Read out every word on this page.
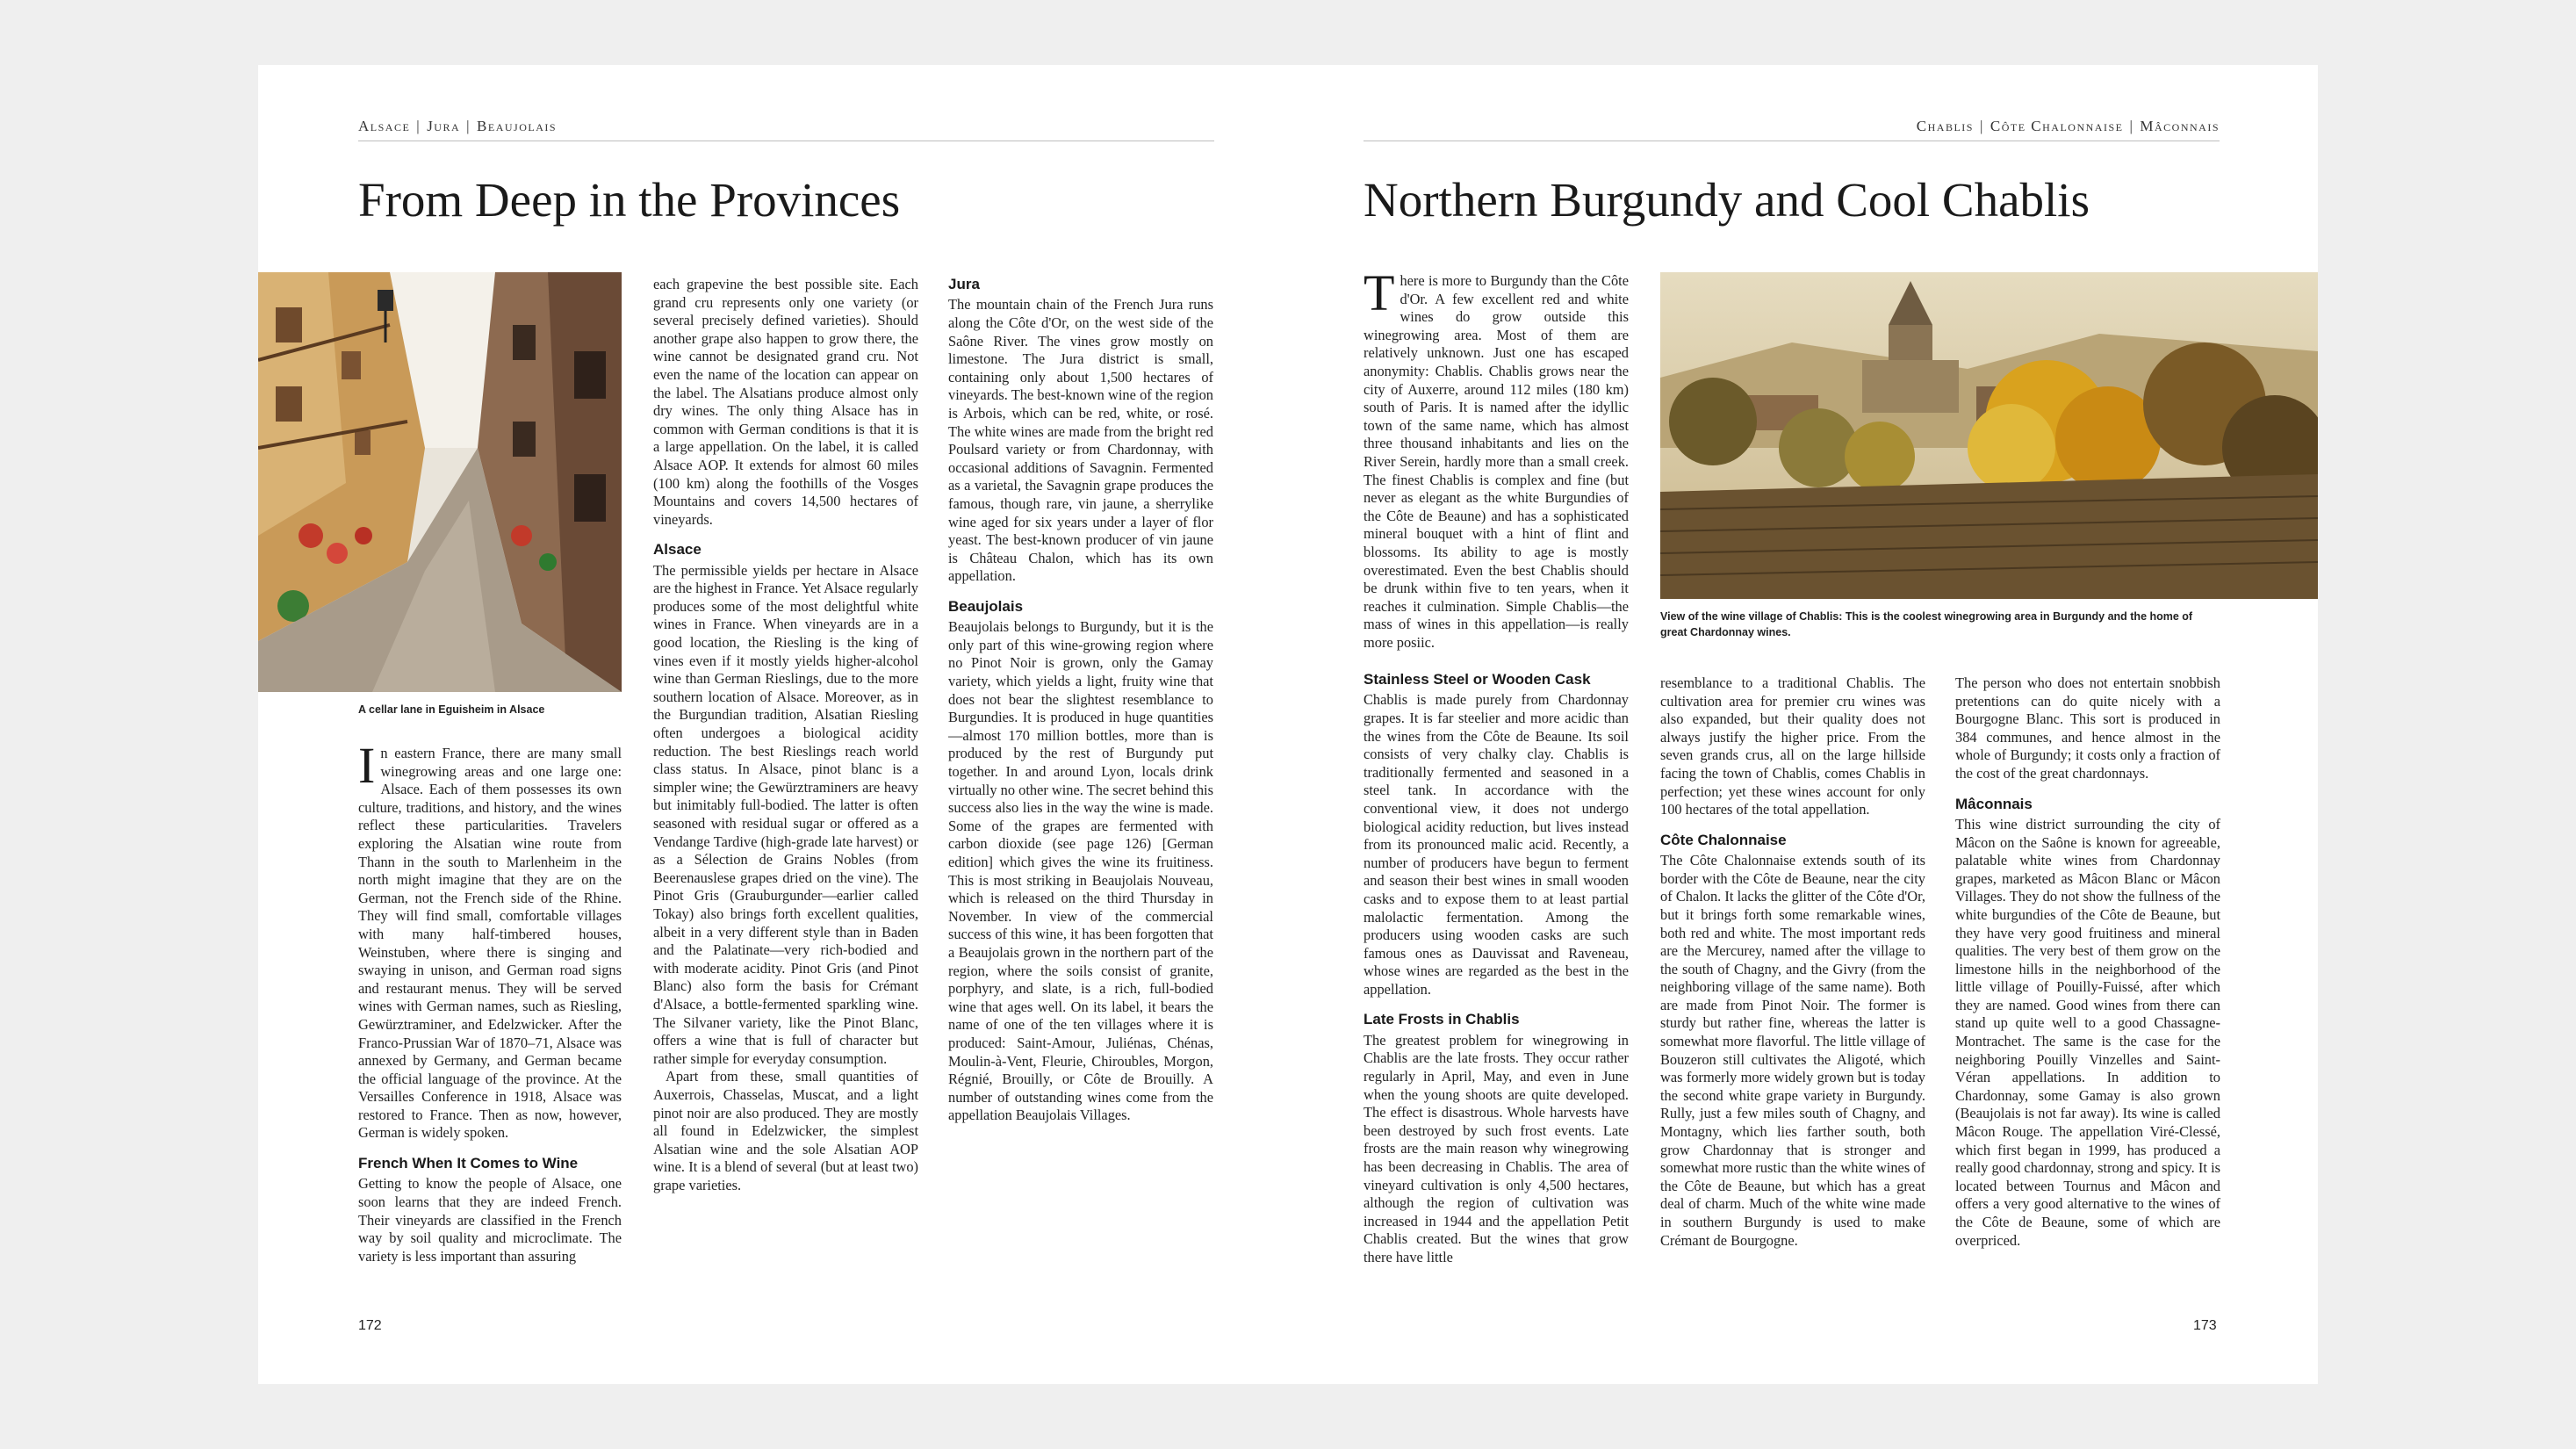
Alsace | Jura | Beaujolais
From Deep in the Provinces
A cellar lane in Eguisheim in Alsace

In eastern France, there are many small winegrowing areas and one large one: Alsace. Each of them possesses its own culture, traditions, and history, and the wines reflect these particularities. Travelers exploring the Alsatian wine route from Thann in the south to Marlenheim in the north might imagine that they are on the German, not the French side of the Rhine. They will find small, comfortable villages with many half-timbered houses, Weinstuben, where there is singing and swaying in unison, and German road signs and restaurant menus. They will be served wines with German names, such as Riesling, Gewürztraminer, and Edelzwicker. After the Franco-Prussian War of 1870–71, Alsace was annexed by Germany, and German became the official language of the province. At the Versailles Conference in 1918, Alsace was restored to France. Then as now, however, German is widely spoken.

French When It Comes to Wine

Getting to know the people of Alsace, one soon learns that they are indeed French. Their vineyards are classified in the French way by soil quality and microclimate. The variety is less important than assuring

each grapevine the best possible site. Each grand cru represents only one variety (or several precisely defined varieties). Should another grape also happen to grow there, the wine cannot be designated grand cru. Not even the name of the location can appear on the label. The Alsatians produce almost only dry wines. The only thing Alsace has in common with German conditions is that it is a large appellation. On the label, it is called Alsace AOP. It extends for almost 60 miles (100 km) along the foothills of the Vosges Mountains and covers 14,500 hectares of vineyards.

Alsace

The permissible yields per hectare in Alsace are the highest in France. Yet Alsace regularly produces some of the most delightful white wines in France. When vineyards are in a good location, the Riesling is the king of vines even if it mostly yields higher-alcohol wine than German Rieslings, due to the more southern location of Alsace. Moreover, as in the Burgundian tradition, Alsatian Riesling often undergoes a biological acidity reduction. The best Rieslings reach world class status. In Alsace, pinot blanc is a simpler wine; the Gewürztraminers are heavy but inimitably full-bodied. The latter is often seasoned with residual sugar or offered as a Vendange Tardive (high-grade late harvest) or as a Sélection de Grains Nobles (from Beerenauslese grapes dried on the vine). The Pinot Gris (Grauburgunder—earlier called Tokay) also brings forth excellent qualities, albeit in a very different style than in Baden and the Palatinate—very rich-bodied and with moderate acidity. Pinot Gris (and Pinot Blanc) also form the basis for Crémant d'Alsace, a bottle-fermented sparkling wine. The Silvaner variety, like the Pinot Blanc, offers a wine that is full of character but rather simple for everyday consumption.

Apart from these, small quantities of Auxerrois, Chasselas, Muscat, and a light pinot noir are also produced. They are mostly all found in Edelzwicker, the simplest Alsatian wine and the sole Alsatian AOP wine. It is a blend of several (but at least two) grape varieties.

Jura

The mountain chain of the French Jura runs along the Côte d'Or, on the west side of the Saône River. The vines grow mostly on limestone. The Jura district is small, containing only about 1,500 hectares of vineyards. The best-known wine of the region is Arbois, which can be red, white, or rosé. The white wines are made from the bright red Poulsard variety or from Chardonnay, with occasional additions of Savagnin. Fermented as a varietal, the Savagnin grape produces the famous, though rare, vin jaune, a sherrylike wine aged for six years under a layer of flor yeast. The best-known producer of vin jaune is Château Chalon, which has its own appellation.

Beaujolais

Beaujolais belongs to Burgundy, but it is the only part of this wine-growing region where no Pinot Noir is grown, only the Gamay variety, which yields a light, fruity wine that does not bear the slightest resemblance to Burgundies. It is produced in huge quantities—almost 170 million bottles, more than is produced by the rest of Burgundy put together. In and around Lyon, locals drink virtually no other wine. The secret behind this success also lies in the way the wine is made. Some of the grapes are fermented with carbon dioxide (see page 126) [German edition] which gives the wine its fruitiness. This is most striking in Beaujolais Nouveau, which is released on the third Thursday in November. In view of the commercial success of this wine, it has been forgotten that a Beaujolais grown in the northern part of the region, where the soils consist of granite, porphyry, and slate, is a rich, full-bodied wine that ages well. On its label, it bears the name of one of the ten villages where it is produced: Saint-Amour, Juliénas, Chénas, Moulin-à-Vent, Fleurie, Chiroubles, Morgon, Régnié, Brouilly, or Côte de Brouilly. A number of outstanding wines come from the appellation Beaujolais Villages.

172
Chablis | Côte Chalonnaise | Mâconnais
Northern Burgundy and Cool Chablis

There is more to Burgundy than the Côte d'Or. A few excellent red and white wines do grow outside this winegrowing area. Most of them are relatively unknown. Just one has escaped anonymity: Chablis. Chablis grows near the city of Auxerre, around 112 miles (180 km) south of Paris. It is named after the idyllic town of the same name, which has almost three thousand inhabitants and lies on the River Serein, hardly more than a small creek. The finest Chablis is complex and fine (but never as elegant as the white Burgundies of the Côte de Beaune) and has a sophisticated mineral bouquet with a hint of flint and blossoms. Its ability to age is mostly overestimated. Even the best Chablis should be drunk within five to ten years, when it reaches it culmination. Simple Chablis—the mass of wines in this appellation—is really more posiic.

View of the wine village of Chablis: This is the coolest winegrowing area in Burgundy and the home of great Chardonnay wines.
Stainless Steel or Wooden Cask

Chablis is made purely from Chardonnay grapes. It is far steelier and more acidic than the wines from the Côte de Beaune. Its soil consists of very chalky clay. Chablis is traditionally fermented and seasoned in a steel tank. In accordance with the conventional view, it does not undergo biological acidity reduction, but lives instead from its pronounced malic acid. Recently, a number of producers have begun to ferment and season their best wines in small wooden casks and to expose them to at least partial malolactic fermentation. Among the producers using wooden casks are such famous ones as Dauvissat and Raveneau, whose wines are regarded as the best in the appellation.

Late Frosts in Chablis

The greatest problem for winegrowing in Chablis are the late frosts. They occur rather regularly in April, May, and even in June when the young shoots are quite developed. The effect is disastrous. Whole harvests have been destroyed by such frost events. Late frosts are the main reason why winegrowing has been decreasing in Chablis. The area of vineyard cultivation is only 4,500 hectares, although the region of cultivation was increased in 1944 and the appellation Petit Chablis created. But the wines that grow there have little

resemblance to a traditional Chablis. The cultivation area for premier cru wines was also expanded, but their quality does not always justify the higher price. From the seven grands crus, all on the large hillside facing the town of Chablis, comes Chablis in perfection; yet these wines account for only 100 hectares of the total appellation.

Côte Chalonnaise

The Côte Chalonnaise extends south of its border with the Côte de Beaune, near the city of Chalon. It lacks the glitter of the Côte d'Or, but it brings forth some remarkable wines, both red and white. The most important reds are the Mercurey, named after the village to the south of Chagny, and the Givry (from the neighboring village of the same name). Both are made from Pinot Noir. The former is sturdy but rather fine, whereas the latter is somewhat more flavorful. The little village of Bouzeron still cultivates the Aligoté, which was formerly more widely grown but is today the second white grape variety in Burgundy. Rully, just a few miles south of Chagny, and Montagny, which lies farther south, both grow Chardonnay that is stronger and somewhat more rustic than the white wines of the Côte de Beaune, but which has a great deal of charm. Much of the white wine made in southern Burgundy is used to make Crémant de Bourgogne.

The person who does not entertain snobbish pretentions can do quite nicely with a Bourgogne Blanc. This sort is produced in 384 communes, and hence almost in the whole of Burgundy; it costs only a fraction of the cost of the great chardonnays.

Mâconnais

This wine district surrounding the city of Mâcon on the Saône is known for agreeable, palatable white wines from Chardonnay grapes, marketed as Mâcon Blanc or Mâcon Villages. They do not show the fullness of the white burgundies of the Côte de Beaune, but they have very good fruitiness and mineral qualities. The very best of them grow on the limestone hills in the neighborhood of the little village of Pouilly-Fuissé, after which they are named. Good wines from there can stand up quite well to a good Chassagne-Montrachet. The same is the case for the neighboring Pouilly Vinzelles and Saint-Véran appellations. In addition to Chardonnay, some Gamay is also grown (Beaujolais is not far away). Its wine is called Mâcon Rouge. The appellation Viré-Clessé, which first began in 1999, has produced a really good chardonnay, strong and spicy. It is located between Tournus and Mâcon and offers a very good alternative to the wines of the Côte de Beaune, some of which are overpriced.

173
